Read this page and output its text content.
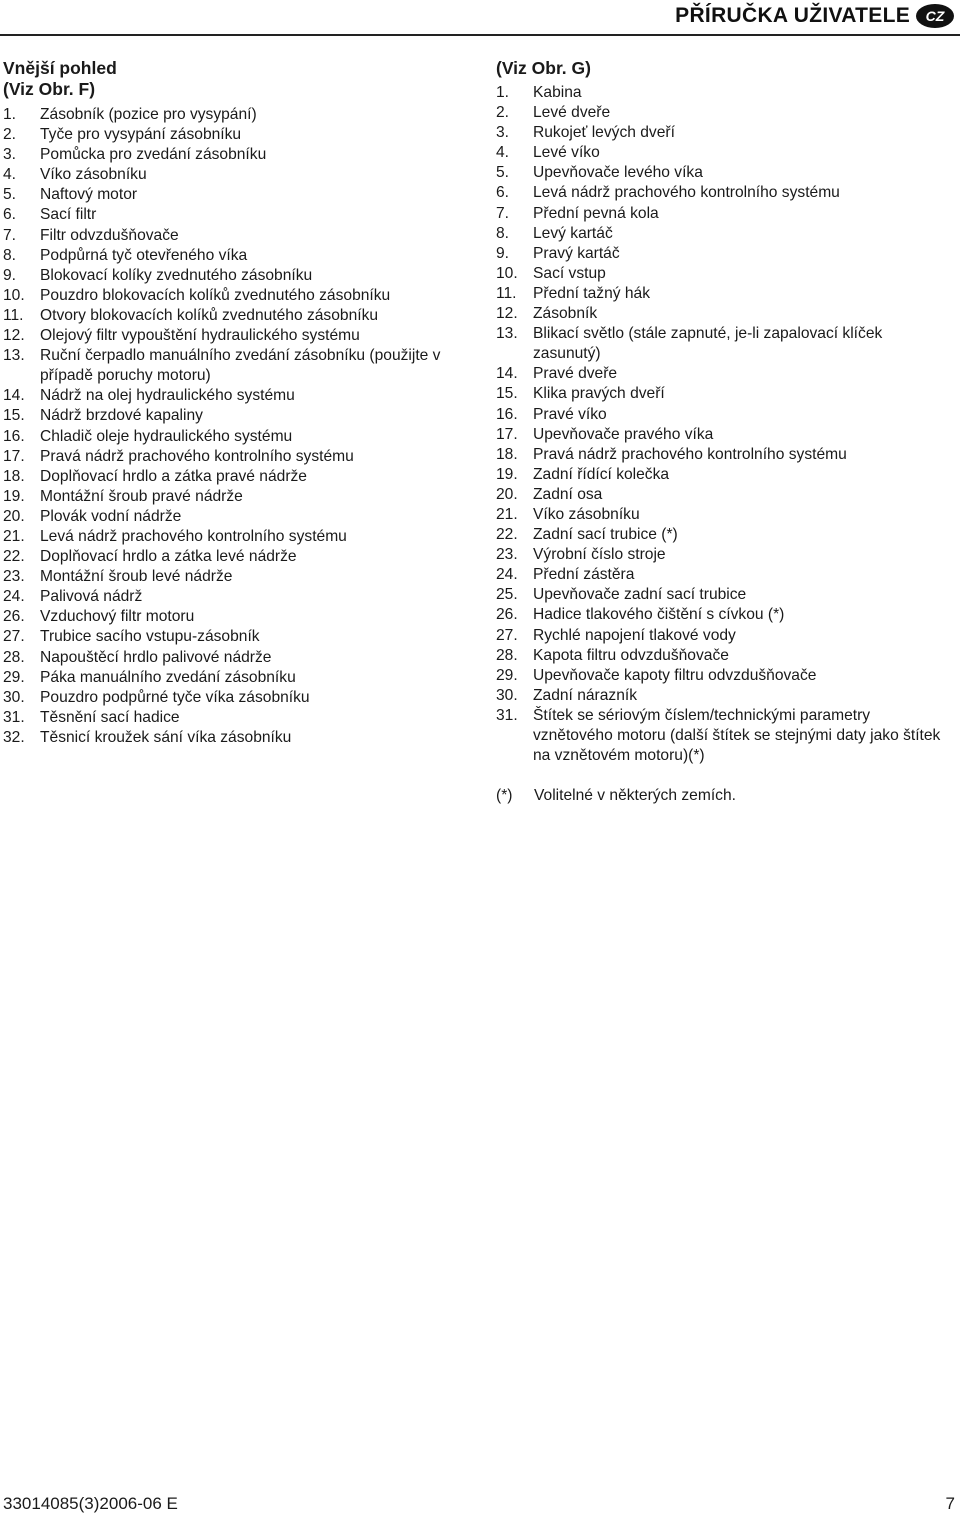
PŘÍRUČKA UŽIVATELE	CZ
Vnější pohled
(Viz Obr. F)
1.	Zásobník (pozice pro vysypání)
2.	Tyče pro vysypání zásobníku
3.	Pomůcka pro zvedání zásobníku
4.	Víko zásobníku
5.	Naftový motor
6.	Sací filtr
7.	Filtr odvzdušňovače
8.	Podpůrná tyč otevřeného víka
9.	Blokovací kolíky zvednutého zásobníku
10. Pouzdro blokovacích kolíků zvednutého zásobníku
11.	Otvory blokovacích kolíků zvednutého zásobníku
12. Olejový filtr vypouštění hydraulického systému
13. Ruční čerpadlo manuálního zvedání zásobníku (použijte v případě poruchy motoru)
14. Nádrž na olej hydraulického systému
15. Nádrž brzdové kapaliny
16. Chladič oleje hydraulického systému
17. Pravá nádrž prachového kontrolního systému
18. Doplňovací hrdlo a zátka pravé nádrže
19. Montážní šroub pravé nádrže
20. Plovák vodní nádrže
21. Levá nádrž prachového kontrolního systému
22. Doplňovací hrdlo a zátka levé nádrže
23. Montážní šroub levé nádrže
24. Palivová nádrž
26. Vzduchový filtr motoru
27. Trubice sacího vstupu-zásobník
28. Napouštěcí hrdlo palivové nádrže
29. Páka manuálního zvedání zásobníku
30. Pouzdro podpůrné tyče víka zásobníku
31. Těsnění sací hadice
32. Těsnicí kroužek sání víka zásobníku
(Viz Obr. G)
1.	Kabina
2.	Levé dveře
3.	Rukojeť levých dveří
4.	Levé víko
5.	Upevňovače levého víka
6.	Levá nádrž prachového kontrolního systému
7.	Přední pevná kola
8.	Levý kartáč
9.	Pravý kartáč
10. Sací vstup
11.	Přední tažný hák
12. Zásobník
13. Blikací světlo (stále zapnuté, je-li zapalovací klíček zasunutý)
14. Pravé dveře
15. Klika pravých dveří
16. Pravé víko
17. Upevňovače pravého víka
18. Pravá nádrž prachového kontrolního systému
19. Zadní řídící kolečka
20. Zadní osa
21. Víko zásobníku
22. Zadní sací trubice (*)
23. Výrobní číslo stroje
24. Přední zástěra
25. Upevňovače zadní sací trubice
26. Hadice tlakového čištění s cívkou (*)
27. Rychlé napojení tlakové vody
28. Kapota filtru odvzdušňovače
29. Upevňovače kapoty filtru odvzdušňovače
30. Zadní nárazník
31. Štítek se sériovým číslem/technickými parametry vznětového motoru (další štítek se stejnými daty jako štítek na vznětovém motoru)(*)
(*)	Volitelné v některých zemích.
33014085(3)2006-06 E	7
